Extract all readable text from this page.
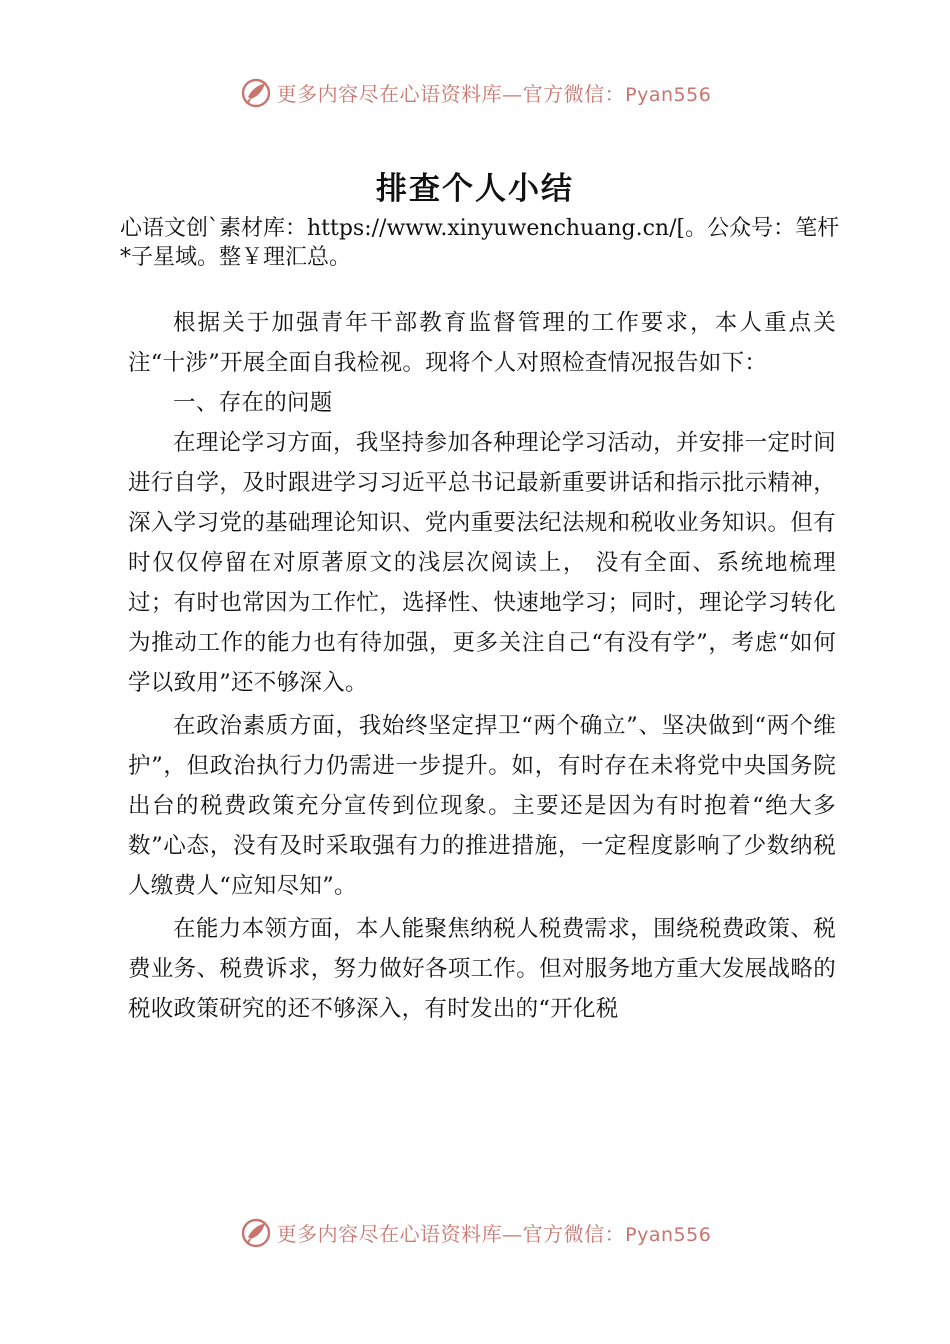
更多内容尽在心语资料库—官方微信：Pyan556
排查个人小结
心语文创`素材库：https://www.xinyuwenchuang.cn/[。公众号：笔杆*子星域。整￥理汇总。

根据关于加强青年干部教育监督管理的工作要求，本人重点关注“十涉”开展全面自我检视。现将个人对照检查情况报告如下：

一、存在的问题

在理论学习方面，我坚持参加各种理论学习活动，并安排一定时间进行自学，及时跟进学习习近平总书记最新重要讲话和指示批示精神，深入学习党的基础理论知识、党内重要法纪法规和税收业务知识。但有时仅仅停留在对原著原文的浅层次阅读上， 没有全面、系统地梳理过；有时也常因为工作忙，选择性、快速地学习；同时，理论学习转化为推动工作的能力也有待加强，更多关注自己“有没有学”，考虑“如何学以致用”还不够深入。

在政治素质方面，我始终坚定捍卫“两个确立”、坚决做到“两个维护”，但政治执行力仍需进一步提升。如，有时存在未将党中央国务院出台的税费政策充分宣传到位现象。主要还是因为有时抱着“绝大多数”心态，没有及时采取强有力的推进措施，一定程度影响了少数纳税人缴费人“应知尽知”。

在能力本领方面，本人能聚焦纳税人税费需求，围绕税费政策、税费业务、税费诉求，努力做好各项工作。但对服务地方重大发展战略的税收政策研究的还不够深入，有时发出的“开化税

更多内容尽在心语资料库—官方微信：Pyan556
